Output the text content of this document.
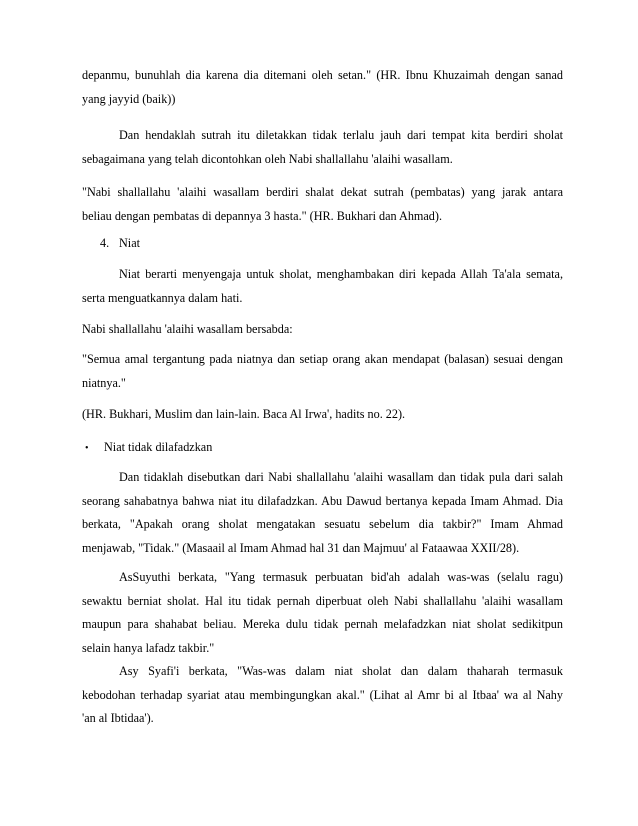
depanmu, bunuhlah dia karena dia ditemani oleh setan." (HR. Ibnu Khuzaimah dengan sanad
yang jayyid (baik))
Dan hendaklah sutrah itu diletakkan tidak terlalu jauh dari tempat kita berdiri sholat
sebagaimana yang telah dicontohkan oleh Nabi shallallahu 'alaihi wasallam.
"Nabi shallallahu 'alaihi wasallam berdiri shalat dekat sutrah (pembatas) yang jarak antara
beliau dengan pembatas di depannya 3 hasta." (HR. Bukhari dan Ahmad).
4. Niat
Niat berarti menyengaja untuk sholat, menghambakan diri kepada Allah Ta'ala semata,
serta menguatkannya dalam hati.
Nabi shallallahu 'alaihi wasallam bersabda:
"Semua amal tergantung pada niatnya dan setiap orang akan mendapat (balasan) sesuai dengan
niatnya."
(HR. Bukhari, Muslim dan lain-lain. Baca Al Irwa', hadits no. 22).
• Niat tidak dilafadzkan
Dan tidaklah disebutkan dari Nabi shallallahu 'alaihi wasallam dan tidak pula dari salah
seorang sahabatnya bahwa niat itu dilafadzkan. Abu Dawud bertanya kepada Imam Ahmad. Dia
berkata, "Apakah orang sholat mengatakan sesuatu sebelum dia takbir?" Imam Ahmad
menjawab, "Tidak." (Masaail al Imam Ahmad hal 31 dan Majmuu' al Fataawaa XXII/28).
AsSuyuthi berkata, "Yang termasuk perbuatan bid'ah adalah was-was (selalu ragu)
sewaktu berniat sholat. Hal itu tidak pernah diperbuat oleh Nabi shallallahu 'alaihi wasallam
maupun para shahabat beliau. Mereka dulu tidak pernah melafadzkan niat sholat sedikitpun
selain hanya lafadz takbir."
Asy Syafi'i berkata, "Was-was dalam niat sholat dan dalam thaharah termasuk
kebodohan terhadap syariat atau membingungkan akal." (Lihat al Amr bi al Itbaa' wa al Nahy
'an al Ibtidaa').
